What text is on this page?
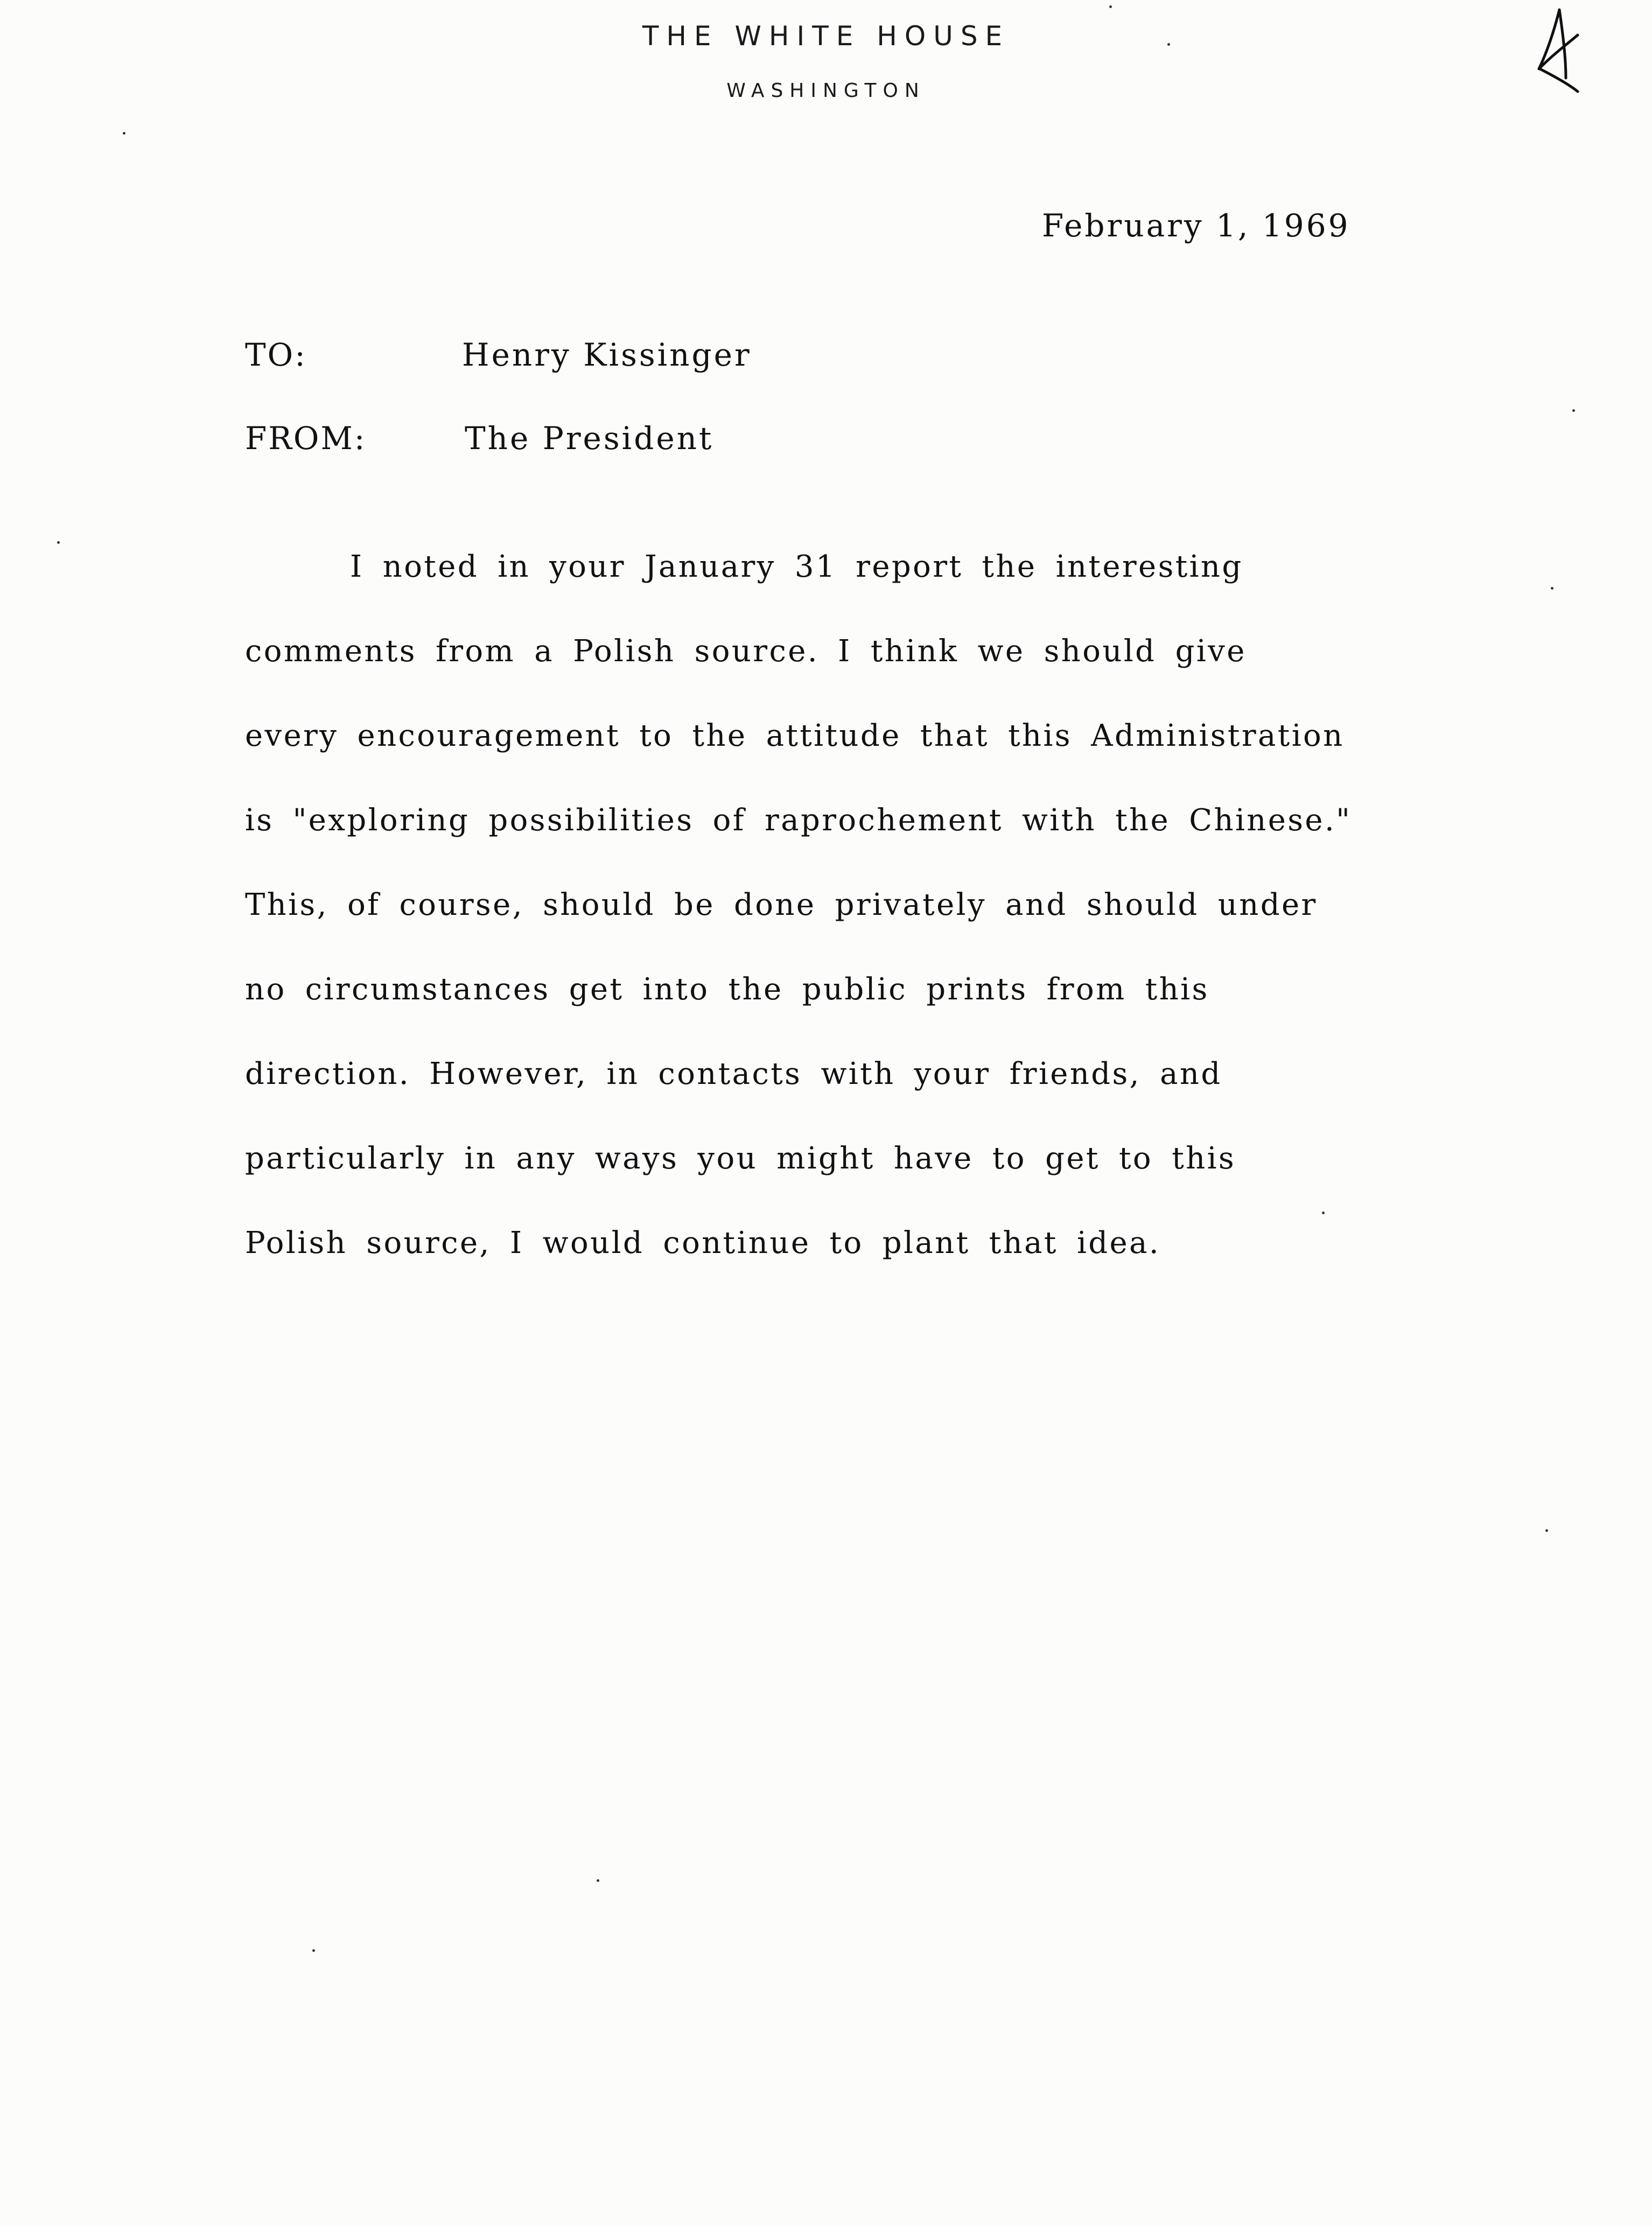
THE WHITE HOUSE
WASHINGTON
February 1, 1969
TO:	Henry Kissinger
FROM:	The President
I noted in your January 31 report the interesting
comments from a Polish source. I think we should give
every encouragement to the attitude that this Administration
is "exploring possibilities of raprochement with the Chinese."
This, of course, should be done privately and should under
no circumstances get into the public prints from this
direction. However, in contacts with your friends, and
particularly in any ways you might have to get to this
Polish source, I would continue to plant that idea.
